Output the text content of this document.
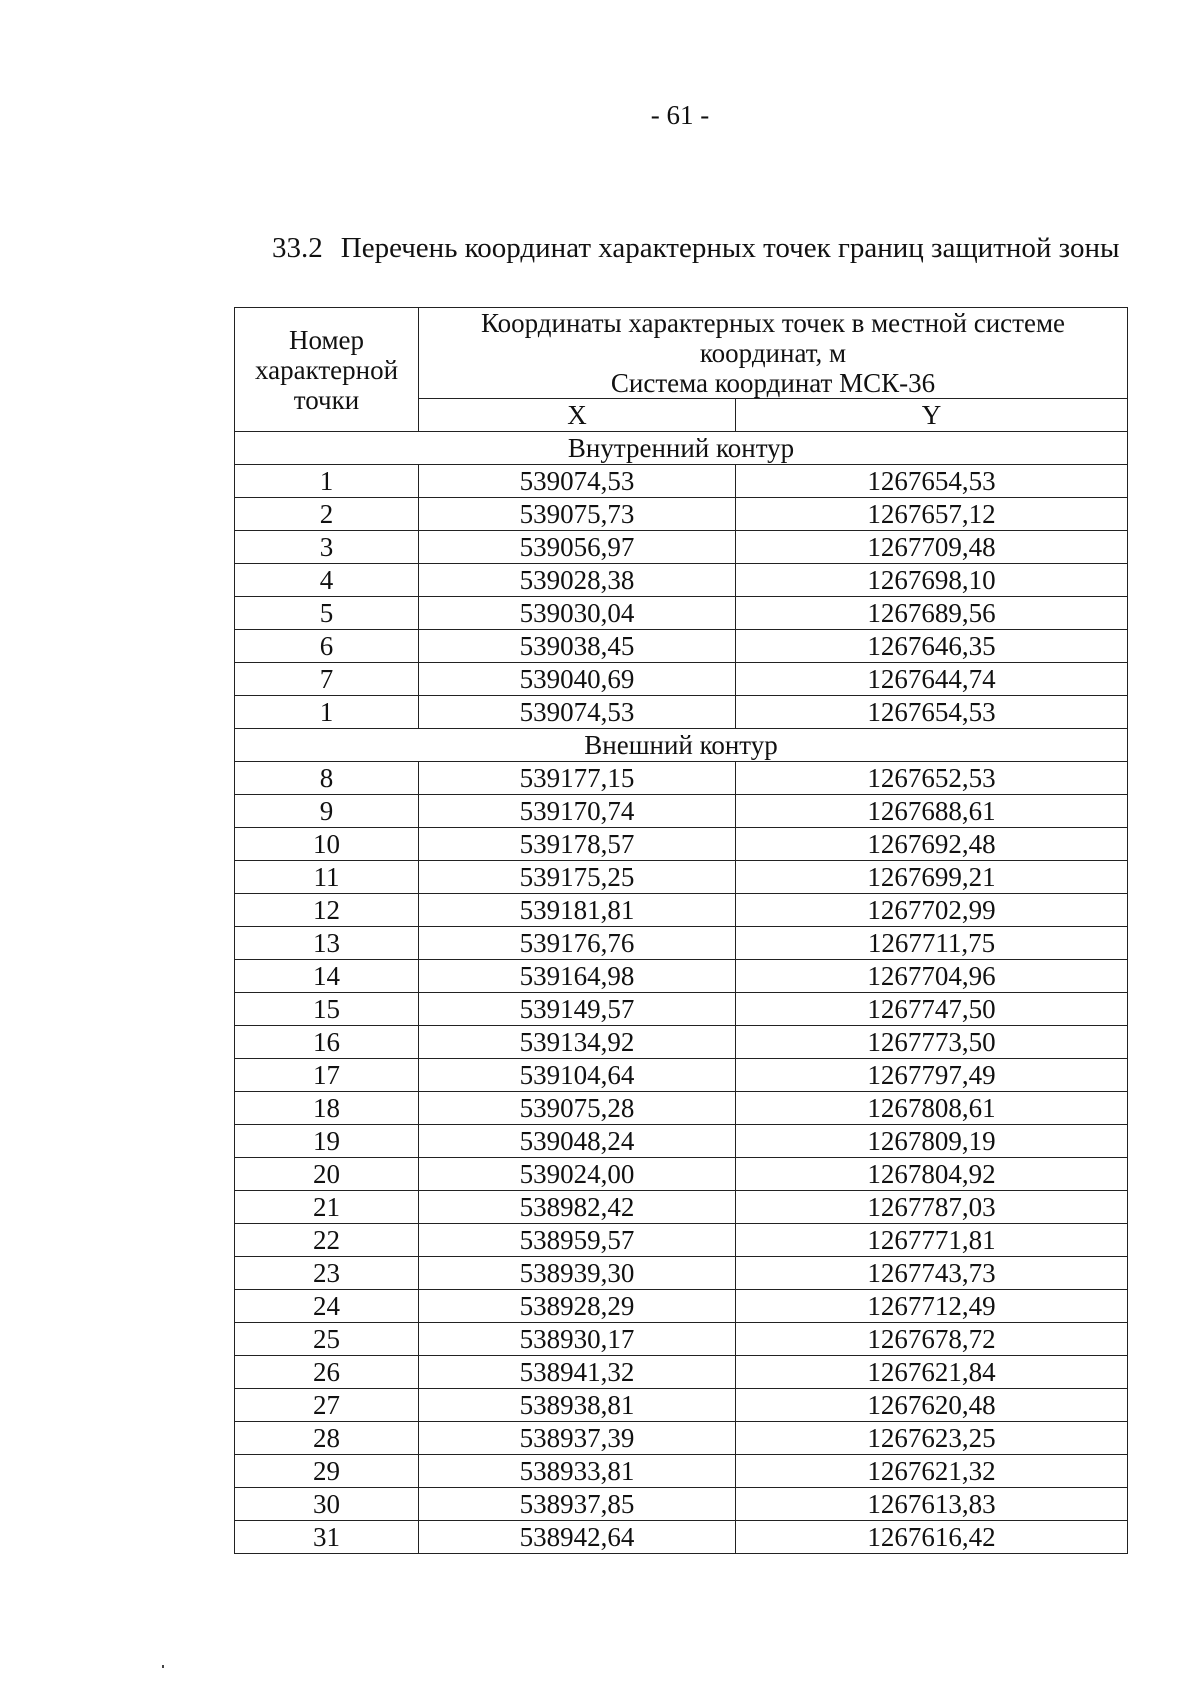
- 61 -
33.2 Перечень координат характерных точек границ защитной зоны
Номер характерной точки	Координаты характерных точек в местной системе координат, м
Система координат МСК-36	

	X	Y
Внутренний контур		
1	539074,53	1267654,53
2	539075,73	1267657,12
3	539056,97	1267709,48
4	539028,38	1267698,10
5	539030,04	1267689,56
6	539038,45	1267646,35
7	539040,69	1267644,74
1	539074,53	1267654,53
Внешний контур		
8	539177,15	1267652,53
9	539170,74	1267688,61
10	539178,57	1267692,48
11	539175,25	1267699,21
12	539181,81	1267702,99
13	539176,76	1267711,75
14	539164,98	1267704,96
15	539149,57	1267747,50
16	539134,92	1267773,50
17	539104,64	1267797,49
18	539075,28	1267808,61
19	539048,24	1267809,19
20	539024,00	1267804,92
21	538982,42	1267787,03
22	538959,57	1267771,81
23	538939,30	1267743,73
24	538928,29	1267712,49
25	538930,17	1267678,72
26	538941,32	1267621,84
27	538938,81	1267620,48
28	538937,39	1267623,25
29	538933,81	1267621,32
30	538937,85	1267613,83
31	538942,64	1267616,42
